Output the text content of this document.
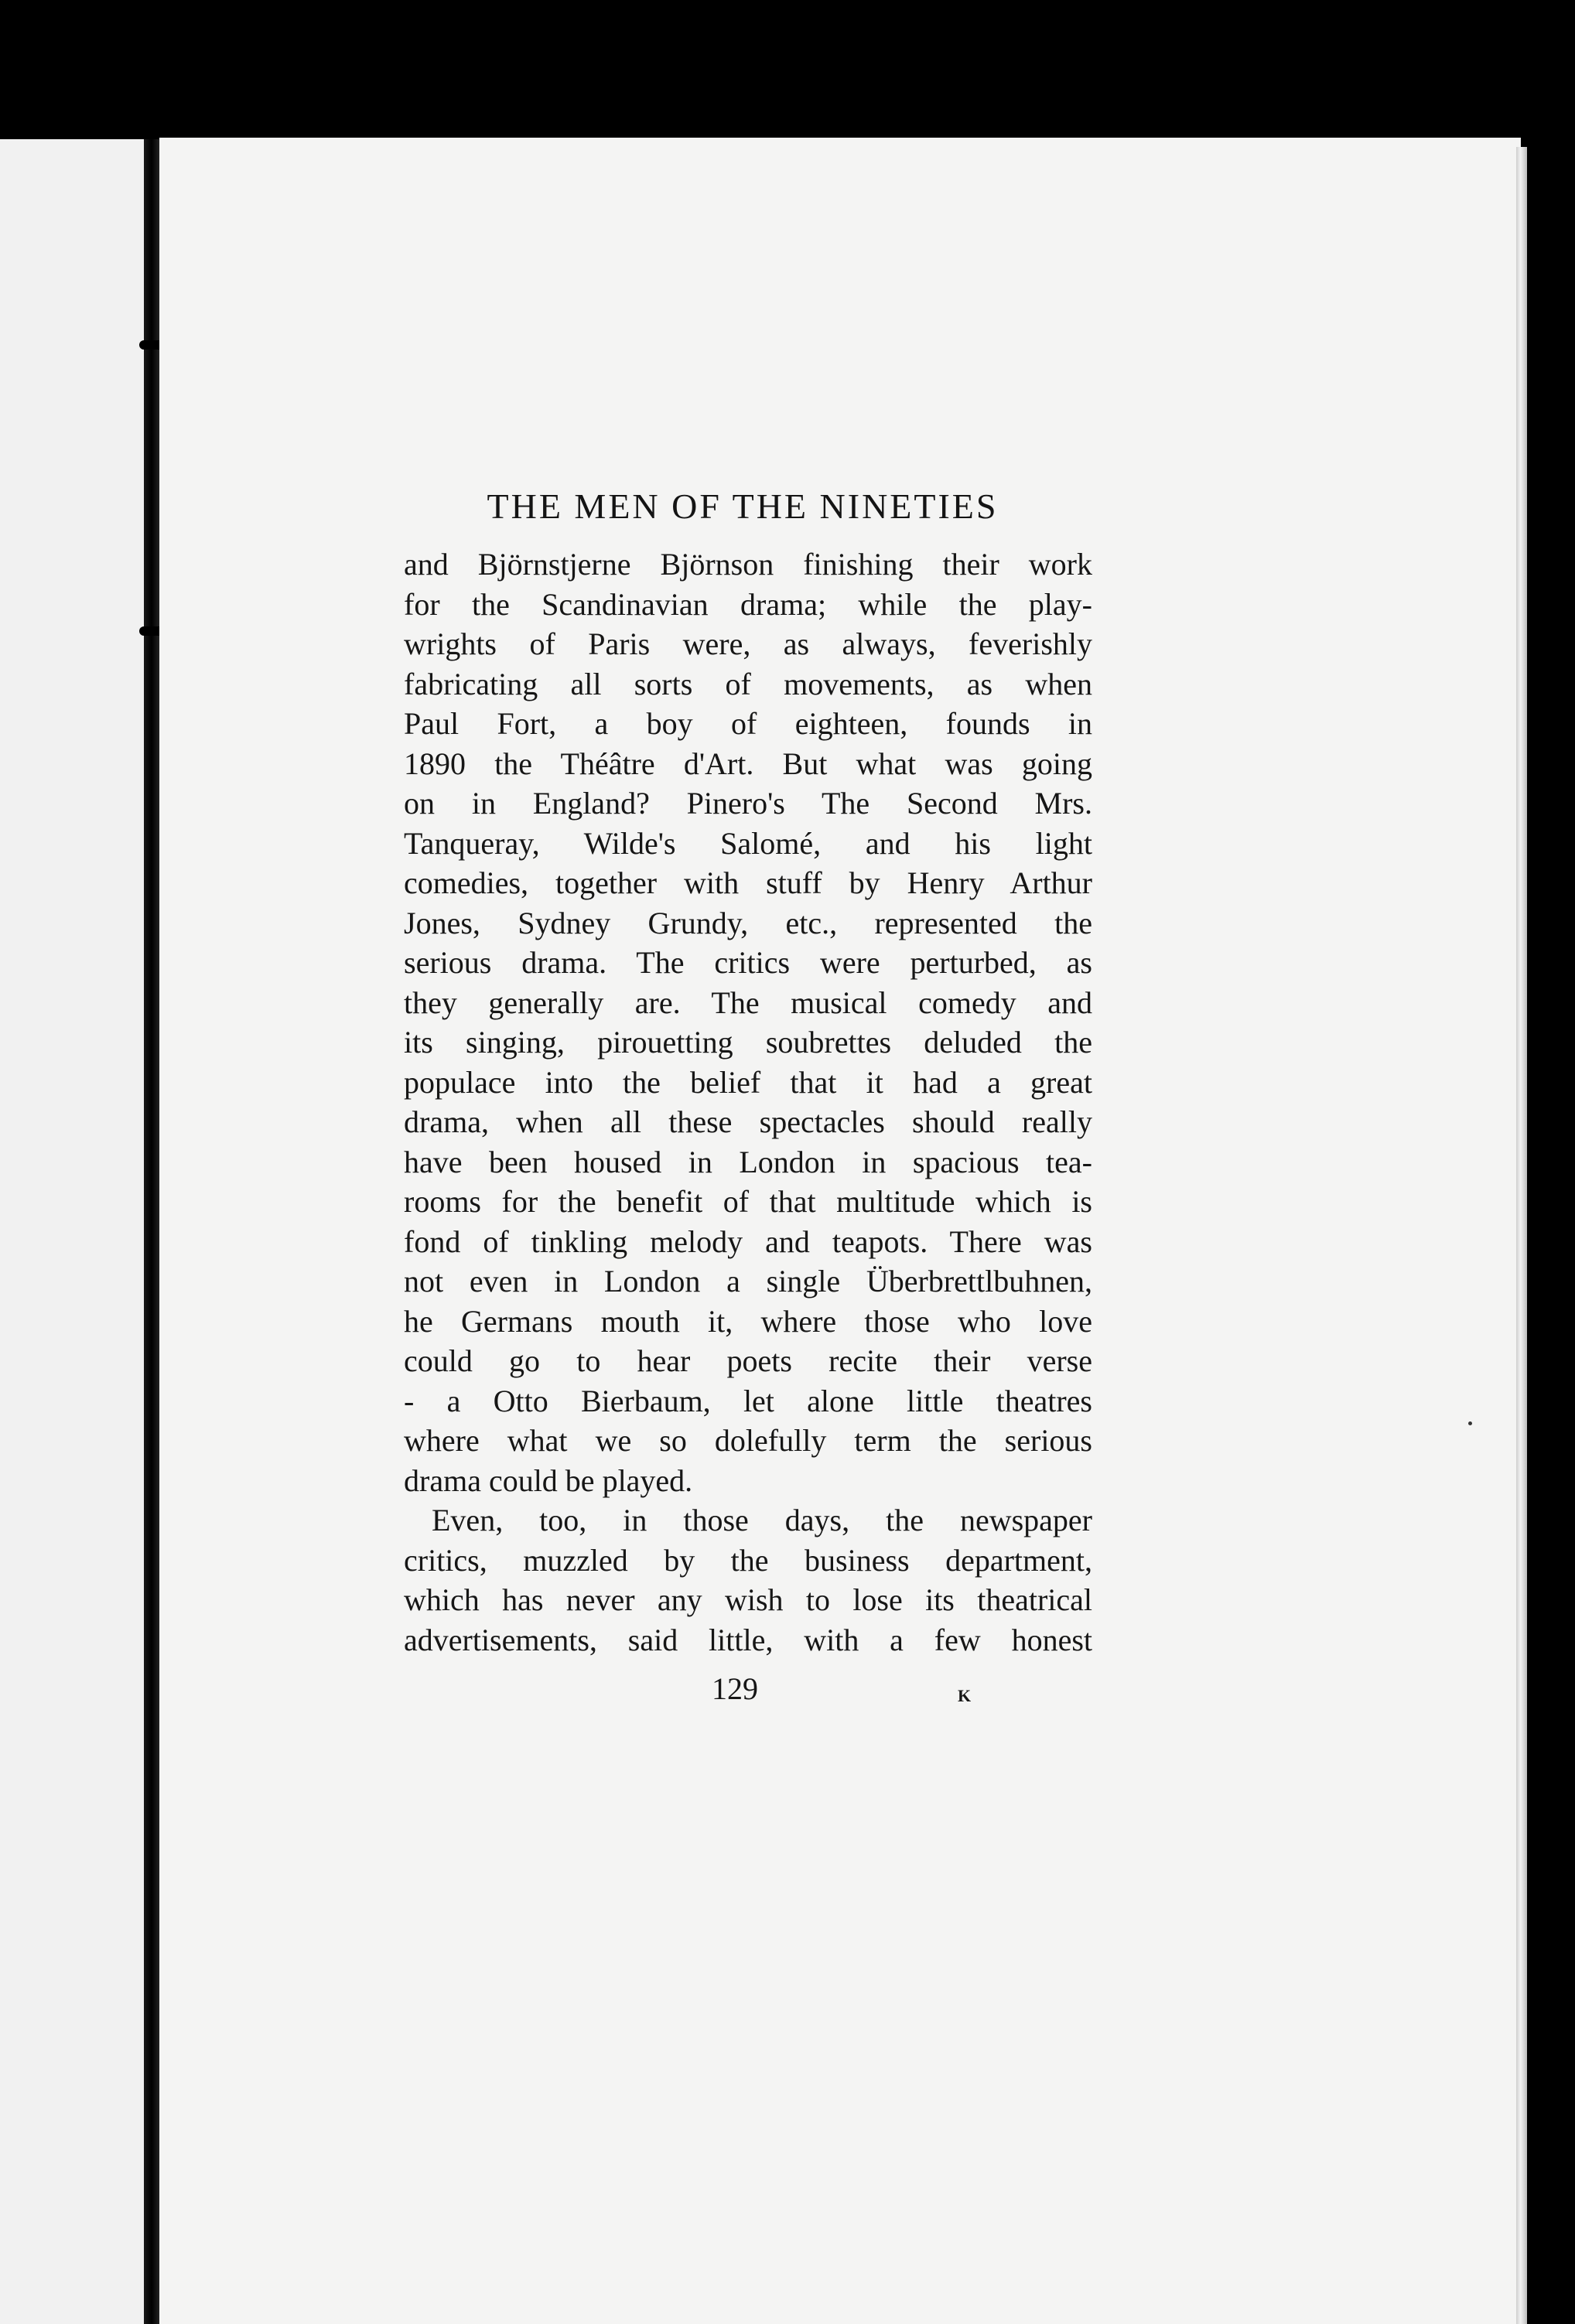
THE MEN OF THE NINETIES
and Björnstjerne Björnson finishing their work
for the Scandinavian drama; while the play-
wrights of Paris were, as always, feverishly
fabricating all sorts of movements, as when
Paul Fort, a boy of eighteen, founds in
1890 the Théâtre d'Art. But what was going
on in England? Pinero's The Second Mrs.
Tanqueray, Wilde's Salomé, and his light
comedies, together with stuff by Henry Arthur
Jones, Sydney Grundy, etc., represented the
serious drama. The critics were perturbed, as
they generally are. The musical comedy and
its singing, pirouetting soubrettes deluded the
populace into the belief that it had a great
drama, when all these spectacles should really
have been housed in London in spacious tea-
rooms for the benefit of that multitude which is
fond of tinkling melody and teapots. There was
not even in London a single Überbrettlbuhnen,
he Germans mouth it, where those who love
could go to hear poets recite their verse
- a Otto Bierbaum, let alone little theatres
where what we so dolefully term the serious
drama could be played.
Even, too, in those days, the newspaper
critics, muzzled by the business department,
which has never any wish to lose its theatrical
advertisements, said little, with a few honest
129	K
